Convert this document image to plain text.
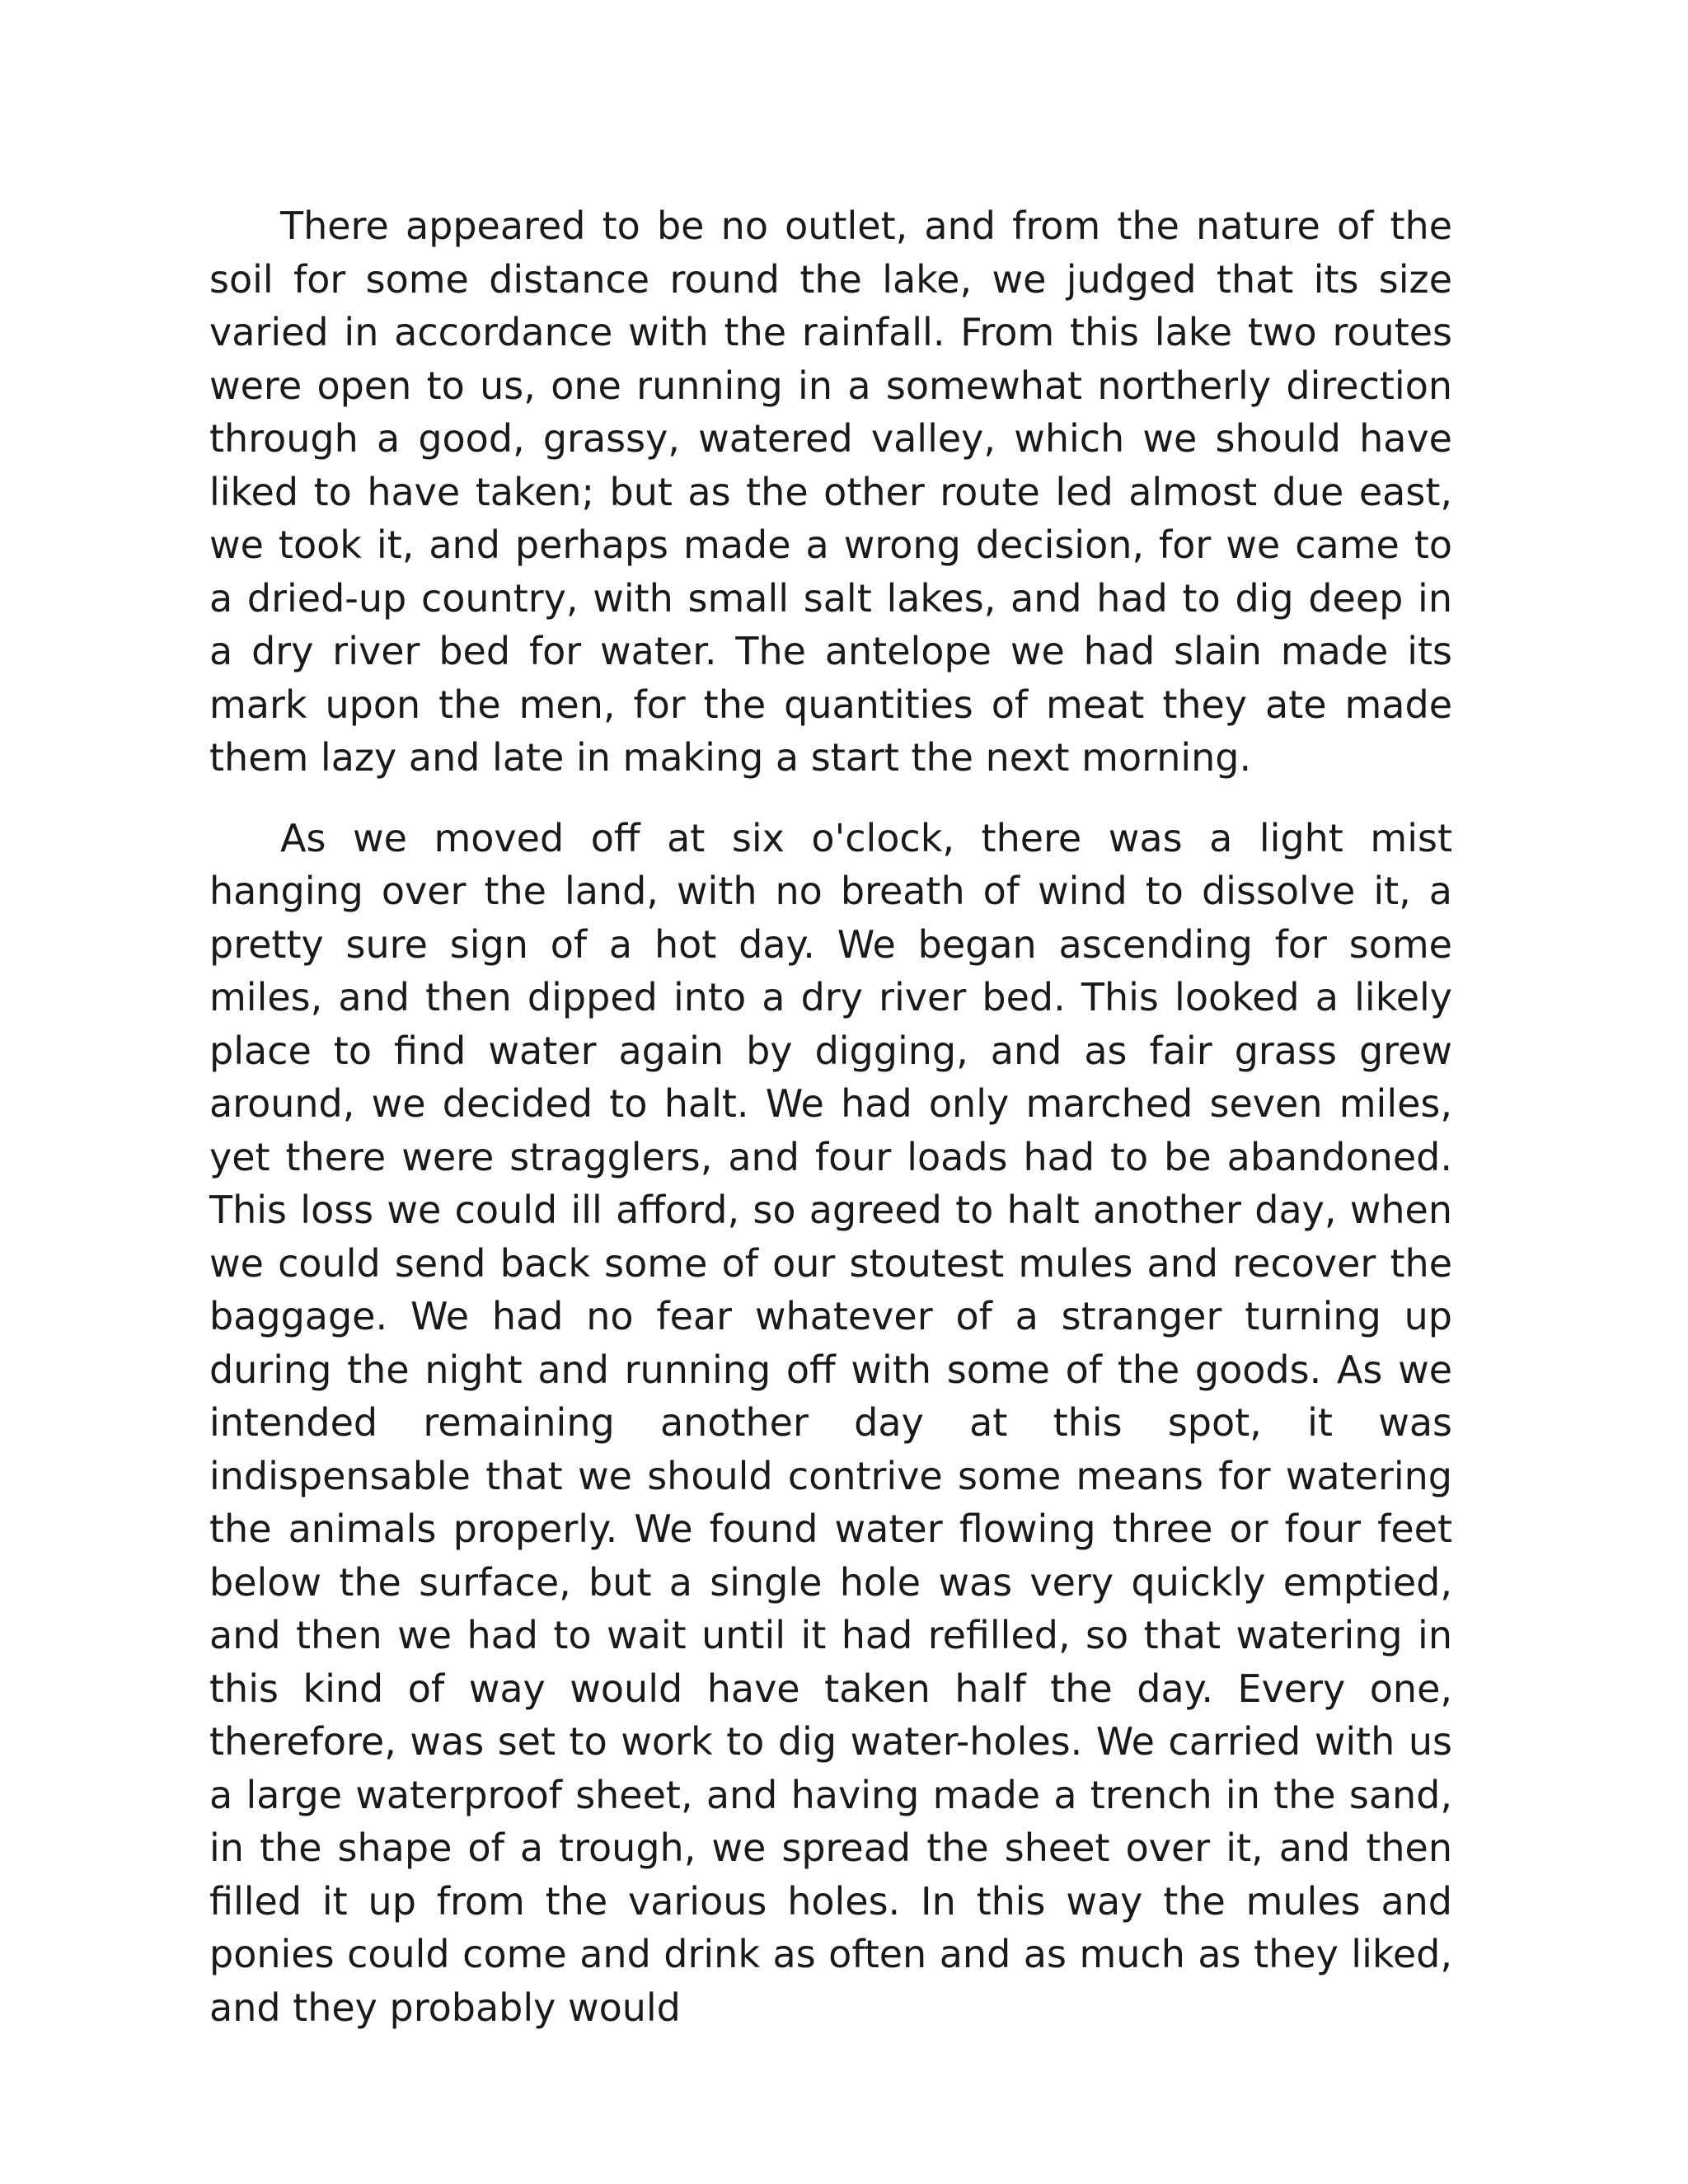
There appeared to be no outlet, and from the nature of the soil for some distance round the lake, we judged that its size varied in accordance with the rainfall. From this lake two routes were open to us, one running in a somewhat northerly direction through a good, grassy, watered valley, which we should have liked to have taken; but as the other route led almost due east, we took it, and perhaps made a wrong decision, for we came to a dried-up country, with small salt lakes, and had to dig deep in a dry river bed for water. The antelope we had slain made its mark upon the men, for the quantities of meat they ate made them lazy and late in making a start the next morning.

As we moved off at six o'clock, there was a light mist hanging over the land, with no breath of wind to dissolve it, a pretty sure sign of a hot day. We began ascending for some miles, and then dipped into a dry river bed. This looked a likely place to find water again by digging, and as fair grass grew around, we decided to halt. We had only marched seven miles, yet there were stragglers, and four loads had to be abandoned. This loss we could ill afford, so agreed to halt another day, when we could send back some of our stoutest mules and recover the baggage. We had no fear whatever of a stranger turning up during the night and running off with some of the goods. As we intended remaining another day at this spot, it was indispensable that we should contrive some means for watering the animals properly. We found water flowing three or four feet below the surface, but a single hole was very quickly emptied, and then we had to wait until it had refilled, so that watering in this kind of way would have taken half the day. Every one, therefore, was set to work to dig water-holes. We carried with us a large waterproof sheet, and having made a trench in the sand, in the shape of a trough, we spread the sheet over it, and then filled it up from the various holes. In this way the mules and ponies could come and drink as often and as much as they liked, and they probably would
